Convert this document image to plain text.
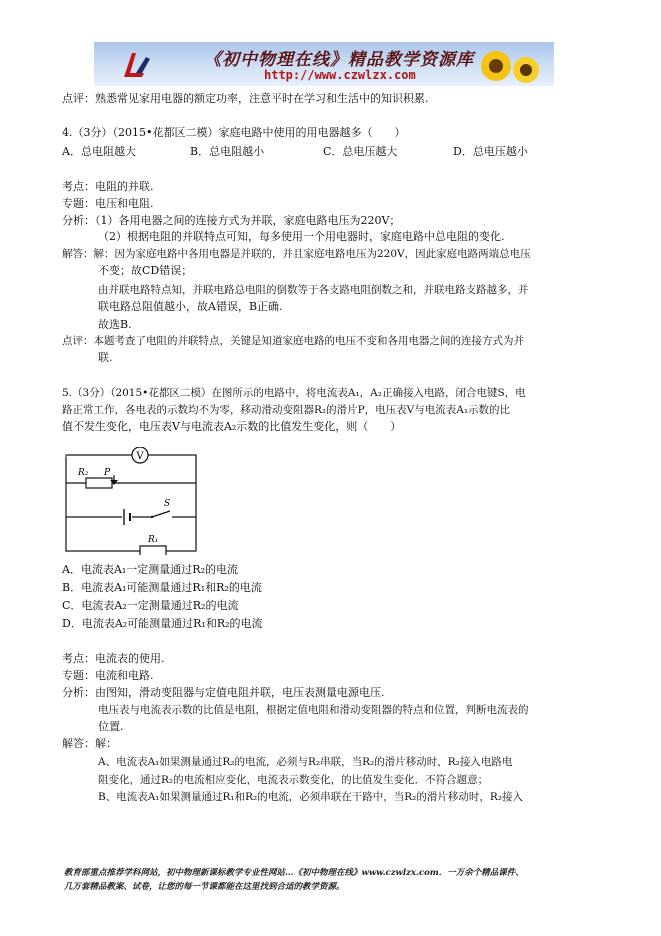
《初中物理在线》精品教学资源库
http://www.czwlzx.com
点评：熟悉常见家用电器的额定功率，注意平时在学习和生活中的知识积累.
4.（3分）（2015•花都区二模）家庭电路中使用的用电器越多（　　）
A．总电阻越大	B．总电阻越小	C．总电压越大	D．总电压越小
考点：电阻的并联.
专题：电压和电阻.
分析：（1）各用电器之间的连接方式为并联，家庭电路电压为220V；
（2）根据电阻的并联特点可知，每多使用一个用电器时，家庭电路中总电阻的变化.
解答：解：因为家庭电路中各用电器是并联的，并且家庭电路电压为220V，因此家庭电路两端总电压
不变；故CD错误；
由并联电路特点知，并联电路总电阻的倒数等于各支路电阻倒数之和，并联电路支路越多，并
联电路总阻值越小，故A错误，B正确.
故选B.
点评：本题考查了电阻的并联特点，关键是知道家庭电路的电压不变和各用电器之间的连接方式为并
联.
5.（3分）（2015•花都区二模）在图所示的电路中，将电流表A₁，A₂正确接入电路，闭合电键S，电
路正常工作，各电表的示数均不为零，移动滑动变阻器R₂的滑片P，电压表V与电流表A₁示数的比
值不发生变化，电压表V与电流表A₂示数的比值发生变化，则（　　）
V
R₂ P
S
R₁
A．电流表A₁一定测量通过R₂的电流
B．电流表A₁可能测量通过R₁和R₂的电流
C．电流表A₂一定测量通过R₂的电流
D．电流表A₂可能测量通过R₁和R₂的电流
考点：电流表的使用.
专题：电流和电路.
分析：由图知，滑动变阻器与定值电阻并联，电压表测量电源电压.
电压表与电流表示数的比值是电阻，根据定值电阻和滑动变阻器的特点和位置，判断电流表的
位置.
解答：解：
A、电流表A₁如果测量通过R₂的电流，必须与R₂串联，当R₂的滑片移动时，R₂接入电路电
阻变化，通过R₂的电流相应变化，电流表示数变化，的比值发生变化．不符合题意；
B、电流表A₁如果测量通过R₁和R₂的电流，必须串联在干路中，当R₂的滑片移动时，R₂接入
教育部重点推荐学科网站，初中物理新课标教学专业性网站…《初中物理在线》www.czwlzx.com．一万余个精品课件、
几万套精品教案、试卷，让您的每一节课都能在这里找到合适的教学资源。
